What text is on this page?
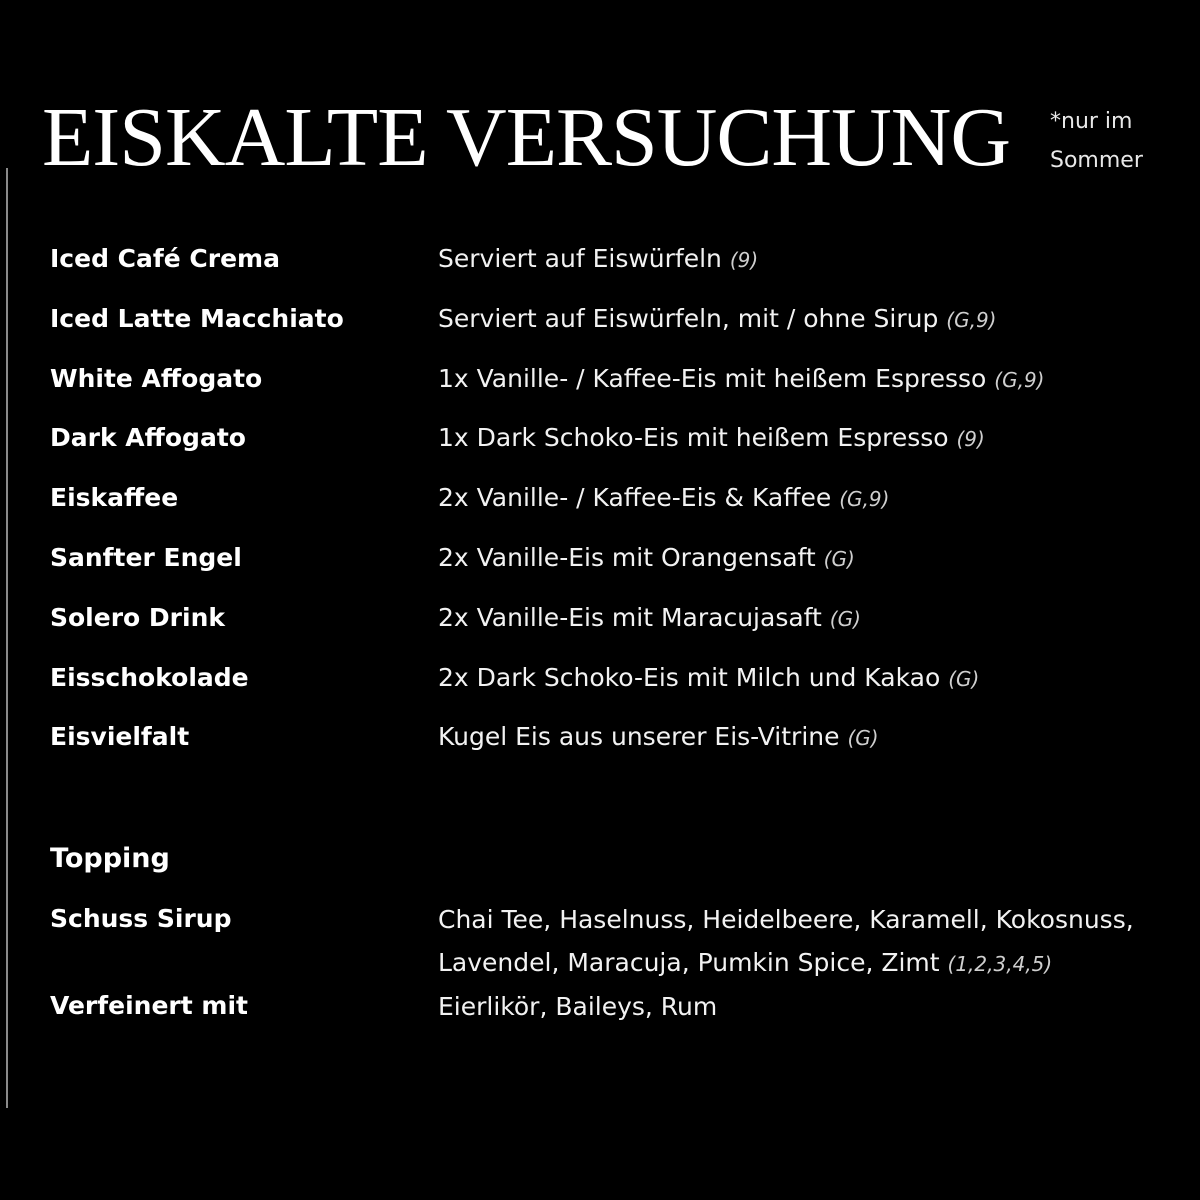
EISKALTE VERSUCHUNG *nur im
Sommer
Iced Café Crema	Serviert auf Eiswürfeln (9)
Iced Latte Macchiato	Serviert auf Eiswürfeln, mit / ohne Sirup (G,9)
White Affogato	1x Vanille- / Kaffee-Eis mit heißem Espresso (G,9)
Dark Affogato	1x Dark Schoko-Eis mit heißem Espresso (9)
Eiskaffee	2x Vanille- / Kaffee-Eis & Kaffee (G,9)
Sanfter Engel	2x Vanille-Eis mit Orangensaft (G)
Solero Drink	2x Vanille-Eis mit Maracujasaft (G)
Eisschokolade	2x Dark Schoko-Eis mit Milch und Kakao (G)
Eisvielfalt	Kugel Eis aus unserer Eis-Vitrine (G)
Topping
Schuss Sirup	Chai Tee, Haselnuss, Heidelbeere, Karamell, Kokosnuss,
Lavendel, Maracuja, Pumkin Spice, Zimt (1,2,3,4,5)
Verfeinert mit	Eierlikör, Baileys, Rum
